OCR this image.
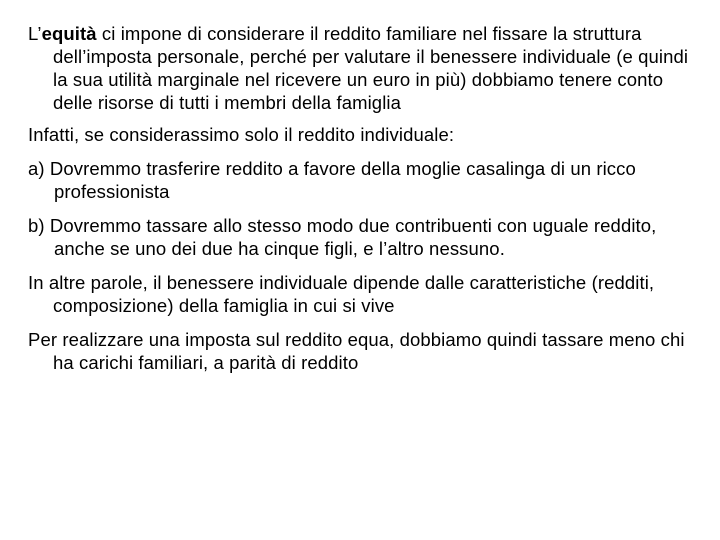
L’equità ci impone di considerare il reddito familiare nel fissare la struttura dell’imposta personale, perché per valutare il benessere individuale (e quindi la sua utilità marginale nel ricevere un euro in più) dobbiamo tenere conto delle risorse di tutti i membri della famiglia

Infatti, se considerassimo solo il reddito individuale:

a) Dovremmo trasferire reddito a favore della moglie casalinga di un ricco professionista

b) Dovremmo tassare allo stesso modo due contribuenti con uguale reddito, anche se uno dei due ha cinque figli, e l’altro nessuno.

In altre parole, il benessere individuale dipende dalle caratteristiche (redditi, composizione) della famiglia in cui si vive

Per realizzare una imposta sul reddito equa, dobbiamo quindi tassare meno chi ha carichi familiari, a parità di reddito
